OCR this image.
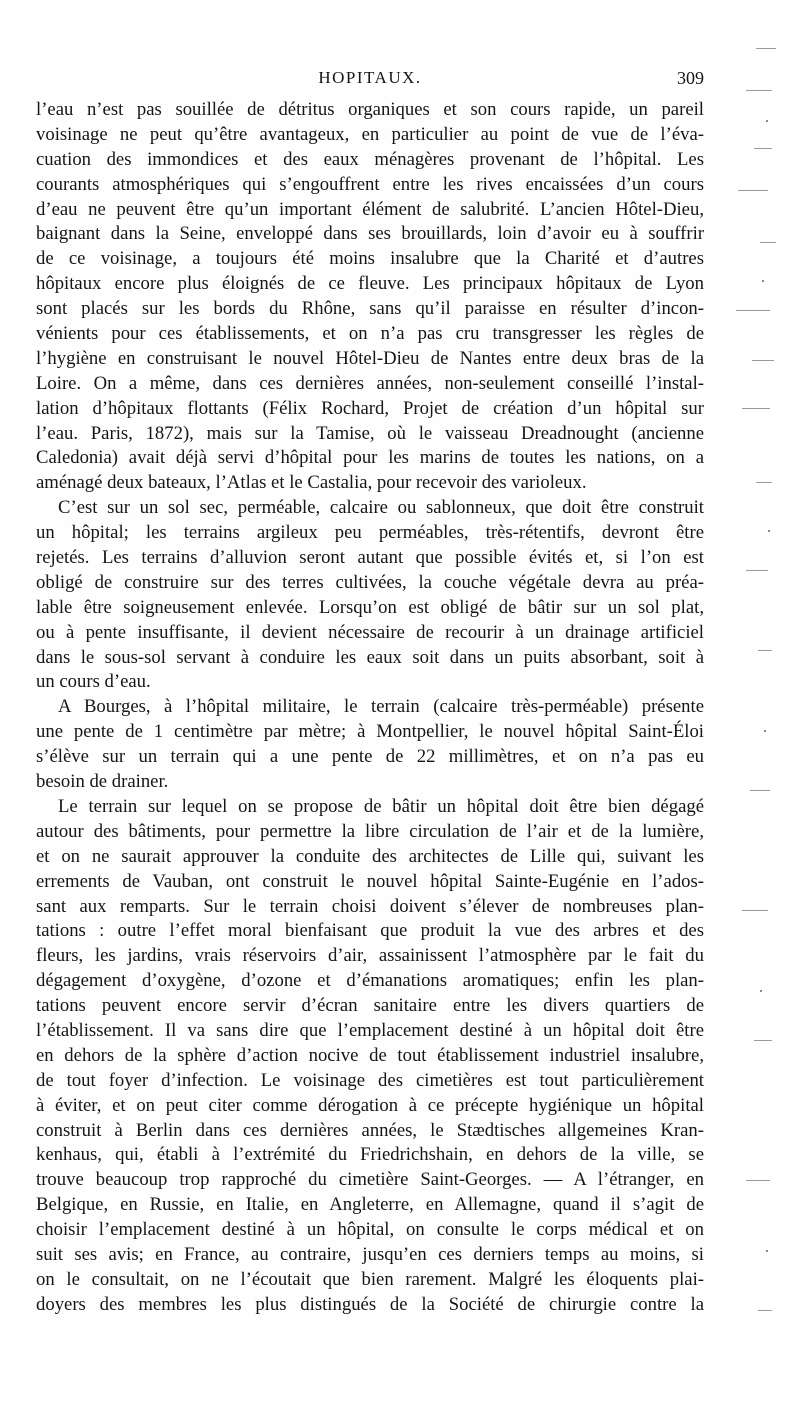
HOPITAUX.	309
l’eau n’est pas souillée de détritus organiques et son cours rapide, un pareil
voisinage ne peut qu’être avantageux, en particulier au point de vue de l’éva-
cuation des immondices et des eaux ménagères provenant de l’hôpital. Les
courants atmosphériques qui s’engouffrent entre les rives encaissées d’un cours
d’eau ne peuvent être qu’un important élément de salubrité. L’ancien Hôtel-Dieu,
baignant dans la Seine, enveloppé dans ses brouillards, loin d’avoir eu à souffrir
de ce voisinage, a toujours été moins insalubre que la Charité et d’autres
hôpitaux encore plus éloignés de ce fleuve. Les principaux hôpitaux de Lyon
sont placés sur les bords du Rhône, sans qu’il paraisse en résulter d’incon-
vénients pour ces établissements, et on n’a pas cru transgresser les règles de
l’hygiène en construisant le nouvel Hôtel-Dieu de Nantes entre deux bras de la
Loire. On a même, dans ces dernières années, non-seulement conseillé l’instal-
lation d’hôpitaux flottants (Félix Rochard, Projet de création d’un hôpital sur
l’eau. Paris, 1872), mais sur la Tamise, où le vaisseau Dreadnought (ancienne
Caledonia) avait déjà servi d’hôpital pour les marins de toutes les nations, on a
aménagé deux bateaux, l’Atlas et le Castalia, pour recevoir des varioleux.
C’est sur un sol sec, perméable, calcaire ou sablonneux, que doit être construit
un hôpital; les terrains argileux peu perméables, très-rétentifs, devront être
rejetés. Les terrains d’alluvion seront autant que possible évités et, si l’on est
obligé de construire sur des terres cultivées, la couche végétale devra au préa-
lable être soigneusement enlevée. Lorsqu’on est obligé de bâtir sur un sol plat,
ou à pente insuffisante, il devient nécessaire de recourir à un drainage artificiel
dans le sous-sol servant à conduire les eaux soit dans un puits absorbant, soit à
un cours d’eau.
A Bourges, à l’hôpital militaire, le terrain (calcaire très-perméable) présente
une pente de 1 centimètre par mètre; à Montpellier, le nouvel hôpital Saint-Éloi
s’élève sur un terrain qui a une pente de 22 millimètres, et on n’a pas eu
besoin de drainer.
Le terrain sur lequel on se propose de bâtir un hôpital doit être bien dégagé
autour des bâtiments, pour permettre la libre circulation de l’air et de la lumière,
et on ne saurait approuver la conduite des architectes de Lille qui, suivant les
errements de Vauban, ont construit le nouvel hôpital Sainte-Eugénie en l’ados-
sant aux remparts. Sur le terrain choisi doivent s’élever de nombreuses plan-
tations : outre l’effet moral bienfaisant que produit la vue des arbres et des
fleurs, les jardins, vrais réservoirs d’air, assainissent l’atmosphère par le fait du
dégagement d’oxygène, d’ozone et d’émanations aromatiques; enfin les plan-
tations peuvent encore servir d’écran sanitaire entre les divers quartiers de
l’établissement. Il va sans dire que l’emplacement destiné à un hôpital doit être
en dehors de la sphère d’action nocive de tout établissement industriel insalubre,
de tout foyer d’infection. Le voisinage des cimetières est tout particulièrement
à éviter, et on peut citer comme dérogation à ce précepte hygiénique un hôpital
construit à Berlin dans ces dernières années, le Stædtisches allgemeines Kran-
kenhaus, qui, établi à l’extrémité du Friedrichshain, en dehors de la ville, se
trouve beaucoup trop rapproché du cimetière Saint-Georges. — A l’étranger, en
Belgique, en Russie, en Italie, en Angleterre, en Allemagne, quand il s’agit de
choisir l’emplacement destiné à un hôpital, on consulte le corps médical et on
suit ses avis; en France, au contraire, jusqu’en ces derniers temps au moins, si
on le consultait, on ne l’écoutait que bien rarement. Malgré les éloquents plai-
doyers des membres les plus distingués de la Société de chirurgie contre la
